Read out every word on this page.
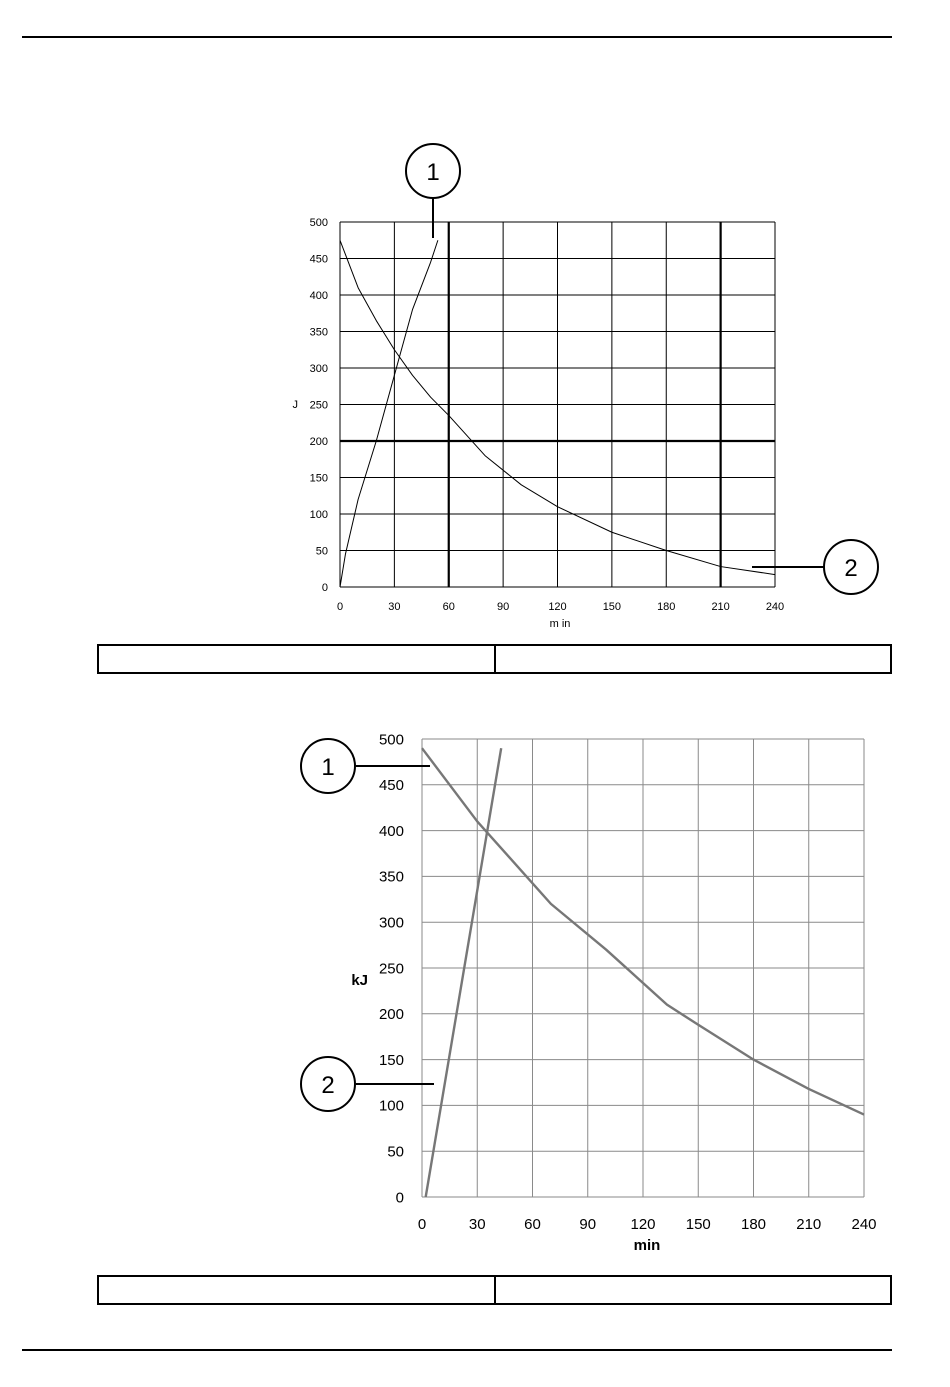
0	30	60	90	120	150	180	210	240
0
50
100
150
200
250
300
350
400
450
500
J
m in
1
2
0	30	60	90 120 150 180 210 240
0
50
100
150
200
250
300
350
400
450
500
kJ
min
1
2
